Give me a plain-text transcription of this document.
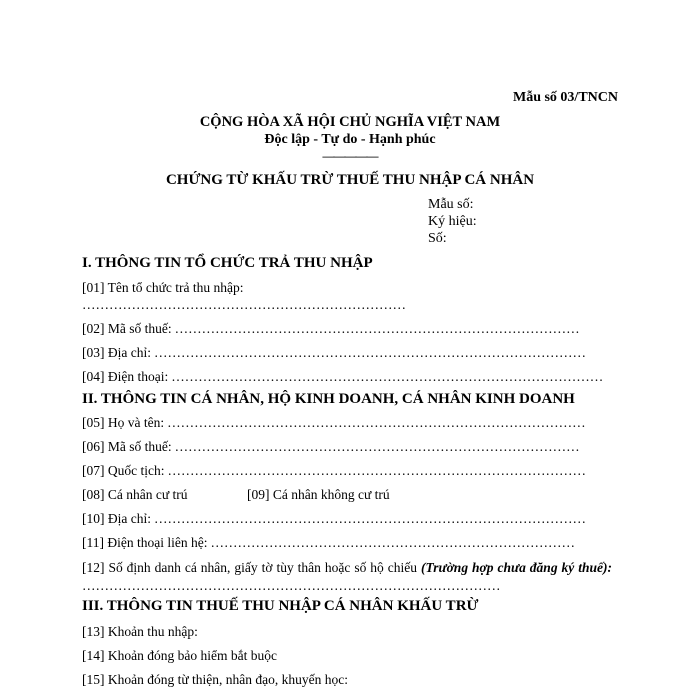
Mẫu số 03/TNCN
CỘNG HÒA XÃ HỘI CHỦ NGHĨA VIỆT NAM
Độc lập - Tự do - Hạnh phúc
—————
CHỨNG TỪ KHẤU TRỪ THUẾ THU NHẬP CÁ NHÂN
Mẫu số:
Ký hiệu:
Số:
I. THÔNG TIN TỔ CHỨC TRẢ THU NHẬP
[01] Tên tổ chức trả thu nhập:
………………………………………………………………
[02] Mã số thuế: ………………………………………………………………………………
[03] Địa chỉ: ……………………………………………………………………………………
[04] Điện thoại: ……………………………………………………………………………………
II. THÔNG TIN CÁ NHÂN, HỘ KINH DOANH, CÁ NHÂN KINH DOANH
[05] Họ và tên: …………………………………………………………………………………
[06] Mã số thuế: ………………………………………………………………………………
[07] Quốc tịch: …………………………………………………………………………………
[08] Cá nhân cư trú	[09] Cá nhân không cư trú
[10] Địa chỉ: ……………………………………………………………………………………
[11] Điện thoại liên hệ: ………………………………………………………………………
[12] Số định danh cá nhân, giấy tờ tùy thân hoặc số hộ chiếu (Trường hợp chưa đăng ký thuế): …………………………………………………………………………………
III. THÔNG TIN THUẾ THU NHẬP CÁ NHÂN KHẤU TRỪ
[13] Khoản thu nhập:
[14] Khoản đóng bảo hiểm bắt buộc
[15] Khoản đóng từ thiện, nhân đạo, khuyến học:
